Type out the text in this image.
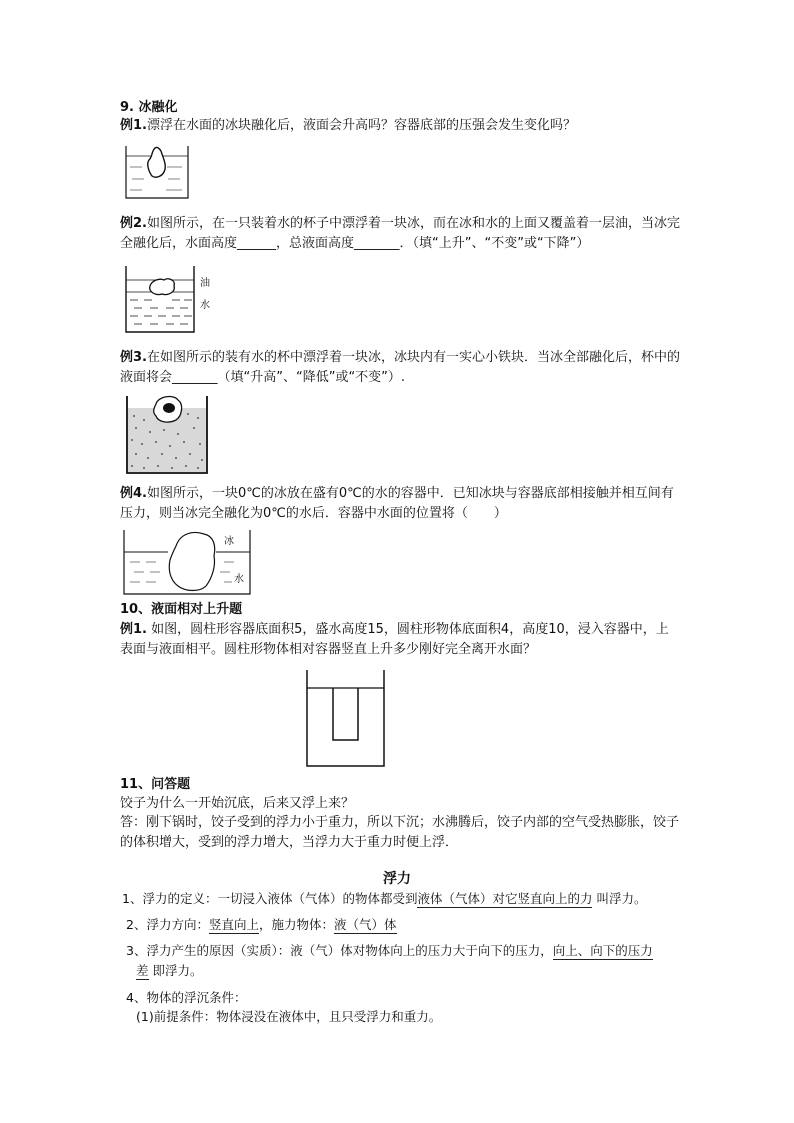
9. 冰融化
例1.漂浮在水面的冰块融化后，液面会升高吗？容器底部的压强会发生变化吗？
例2.如图所示，在一只装着水的杯子中漂浮着一块冰，而在冰和水的上面又覆盖着一层油，当冰完
全融化后，水面高度______，总液面高度_______．（填“上升”、“不变”或“下降”）
油
水
例3.在如图所示的装有水的杯中漂浮着一块冰，冰块内有一实心小铁块．当冰全部融化后，杯中的
液面将会_______（填“升高”、“降低”或“不变”）.
例4.如图所示，一块0℃的冰放在盛有0℃的水的容器中．已知冰块与容器底部相接触并相互间有
压力，则当冰完全融化为0℃的水后．容器中水面的位置将（　　）
冰
水
10、液面相对上升题
例1. 如图，圆柱形容器底面积5，盛水高度15，圆柱形物体底面积4，高度10，浸入容器中，上
表面与液面相平。圆柱形物体相对容器竖直上升多少刚好完全离开水面？
11、问答题
饺子为什么一开始沉底，后来又浮上来？
答：刚下锅时，饺子受到的浮力小于重力，所以下沉；水沸腾后，饺子内部的空气受热膨胀，饺子
的体积增大，受到的浮力增大，当浮力大于重力时便上浮．
浮力
1、浮力的定义：一切浸入液体（气体）的物体都受到液体（气体）对它竖直向上的力 叫浮力。
2、浮力方向：竖直向上，施力物体：液（气）体
3、浮力产生的原因（实质）：液（气）体对物体向上的压力大于向下的压力，向上、向下的压力
差 即浮力。
4、物体的浮沉条件：
(1)前提条件：物体浸没在液体中，且只受浮力和重力。
